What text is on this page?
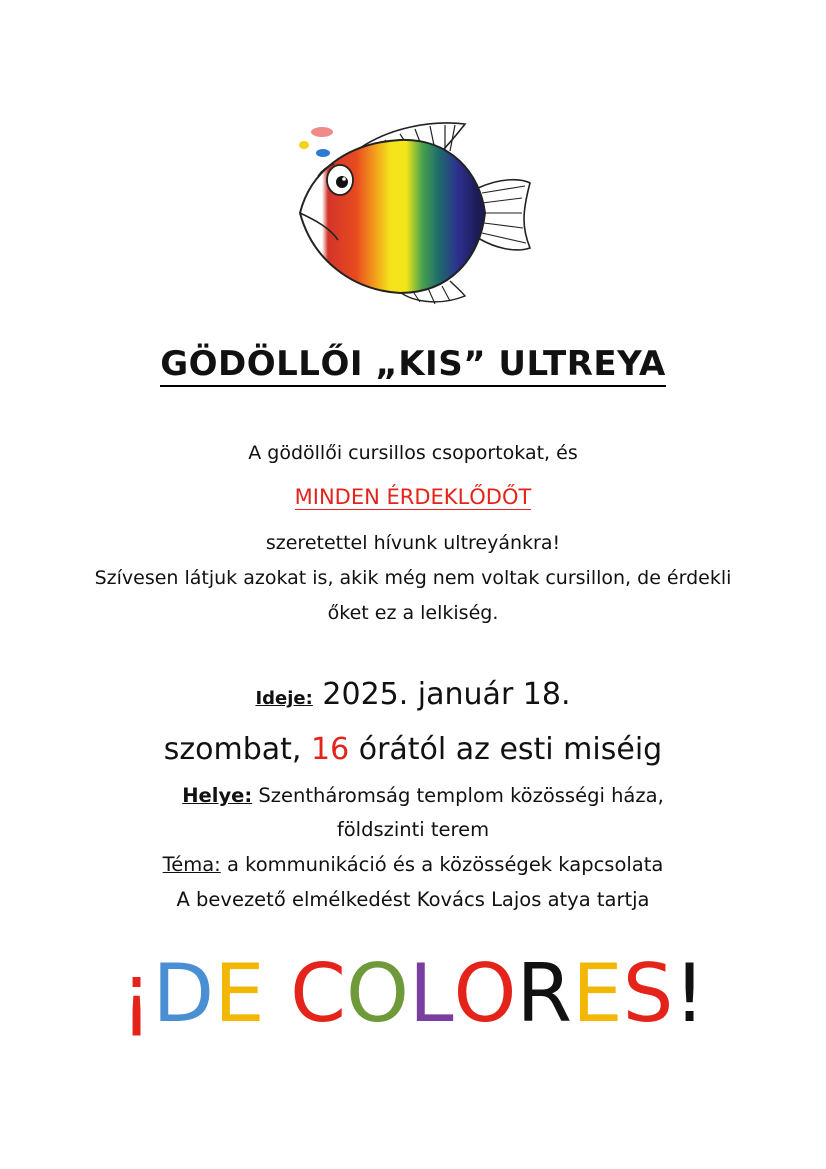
GÖDÖLLŐI „KIS” ULTREYA
A gödöllői cursillos csoportokat, és
MINDEN ÉRDEKLŐDŐT
szeretettel hívunk ultreyánkra!
Szívesen látjuk azokat is, akik még nem voltak cursillon, de érdekli
őket ez a lelkiség.
Ideje: 2025. január 18.
szombat, 16 órától az esti miséig
Helye: Szentháromság templom közösségi háza,
földszinti terem
Téma: a kommunikáció és a közösségek kapcsolata
A bevezető elmélkedést Kovács Lajos atya tartja
¡DE COLORES!
